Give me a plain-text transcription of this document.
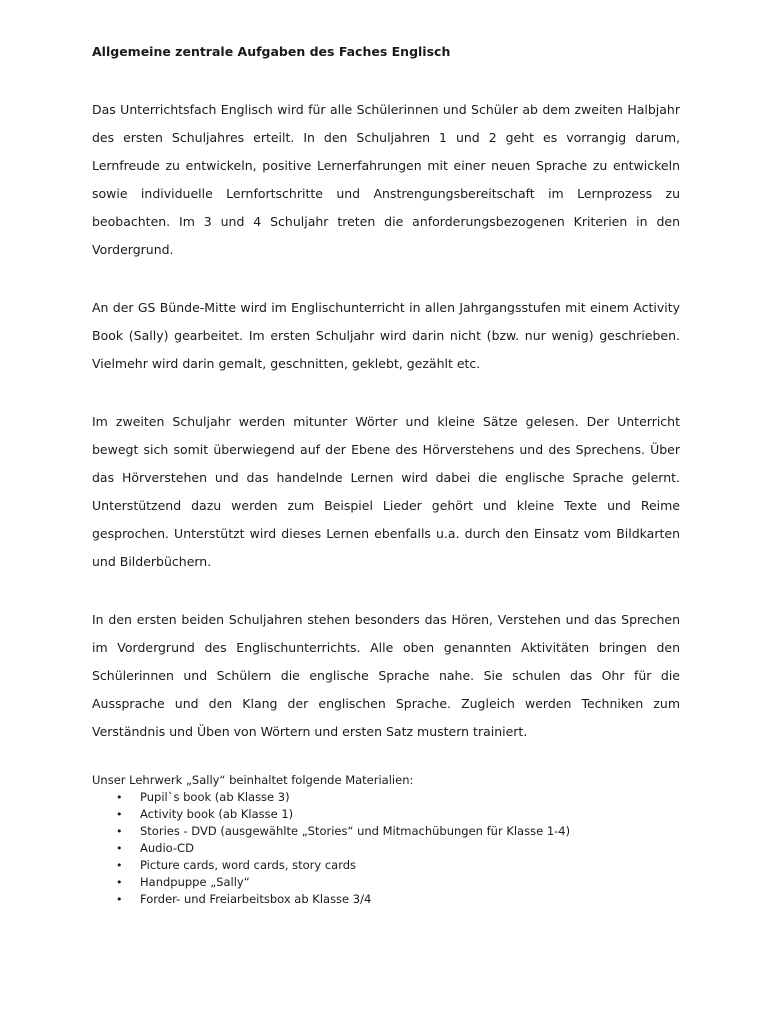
Allgemeine zentrale Aufgaben des Faches Englisch

Das Unterrichtsfach Englisch wird für alle Schülerinnen und Schüler ab dem zweiten Halbjahr des ersten Schuljahres erteilt. In den Schuljahren 1 und 2 geht es vorrangig darum, Lernfreude zu entwickeln, positive Lernerfahrungen mit einer neuen Sprache zu entwickeln sowie individuelle Lernfortschritte und Anstrengungsbereitschaft im Lernprozess zu beobachten. Im 3 und 4 Schuljahr treten die anforderungsbezogenen Kriterien in den Vordergrund.

An der GS Bünde-Mitte wird im Englischunterricht in allen Jahrgangsstufen mit einem Activity Book (Sally) gearbeitet. Im ersten Schuljahr wird darin nicht (bzw. nur wenig) geschrieben. Vielmehr wird darin gemalt, geschnitten, geklebt, gezählt etc.

Im zweiten Schuljahr werden mitunter Wörter und kleine Sätze gelesen. Der Unterricht bewegt sich somit überwiegend auf der Ebene des Hörverstehens und des Sprechens. Über das Hörverstehen und das handelnde Lernen wird dabei die englische Sprache gelernt. Unterstützend dazu werden zum Beispiel Lieder gehört und kleine Texte und Reime gesprochen. Unterstützt wird dieses Lernen ebenfalls u.a. durch den Einsatz vom Bildkarten und Bilderbüchern.

In den ersten beiden Schuljahren stehen besonders das Hören, Verstehen und das Sprechen im Vordergrund des Englischunterrichts. Alle oben genannten Aktivitäten bringen den Schülerinnen und Schülern die englische Sprache nahe. Sie schulen das Ohr für die Aussprache und den Klang der englischen Sprache. Zugleich werden Techniken zum Verständnis und Üben von Wörtern und ersten Satz mustern trainiert.

Unser Lehrwerk „Sally“ beinhaltet folgende Materialien:

• Pupil`s book (ab Klasse 3)
• Activity book (ab Klasse 1)
• Stories - DVD (ausgewählte „Stories“ und Mitmachübungen für Klasse 1-4)
• Audio-CD
• Picture cards, word cards, story cards
• Handpuppe „Sally“
• Forder- und Freiarbeitsbox ab Klasse 3/4
